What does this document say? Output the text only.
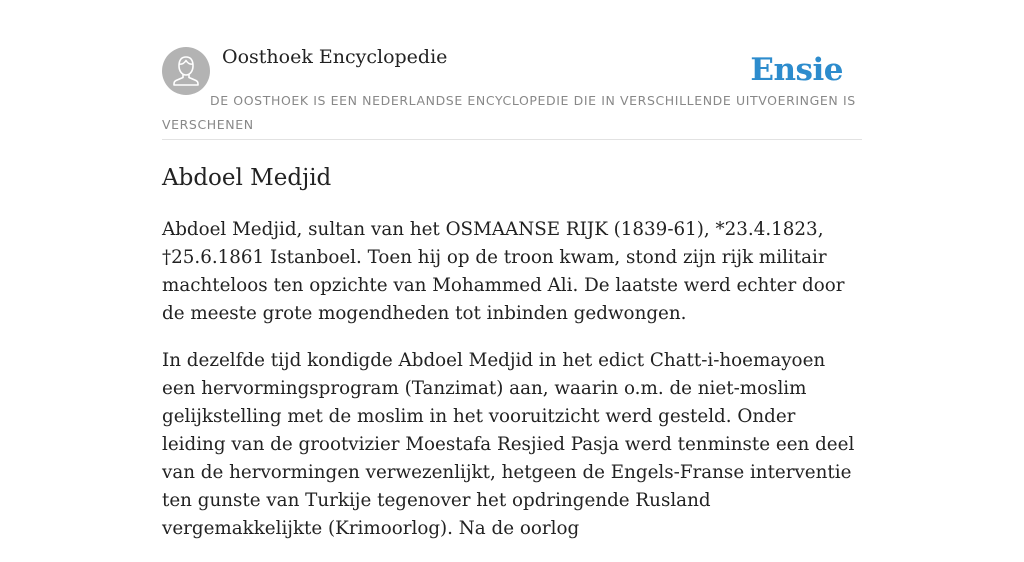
Oosthoek Encyclopedie	Ensie
DE OOSTHOEK IS EEN NEDERLANDSE ENCYCLOPEDIE DIE IN VERSCHILLENDE UITVOERINGEN IS VERSCHENEN
Abdoel Medjid

Abdoel Medjid, sultan van het OSMAANSE RIJK (1839-61), *23.4.1823, †25.6.1861 Istanboel. Toen hij op de troon kwam, stond zijn rijk militair machteloos ten opzichte van Mohammed Ali. De laatste werd echter door de meeste grote mogendheden tot inbinden gedwongen.

In dezelfde tijd kondigde Abdoel Medjid in het edict Chatt-i-hoemayoen een hervormingsprogram (Tanzimat) aan, waarin o.m. de niet-moslim gelijkstelling met de moslim in het vooruitzicht werd gesteld. Onder leiding van de grootvizier Moestafa Resjied Pasja werd tenminste een deel van de hervormingen verwezenlijkt, hetgeen de Engels-Franse interventie ten gunste van Turkije tegenover het opdringende Rusland vergemakkelijkte (Krimoorlog). Na de oorlog
